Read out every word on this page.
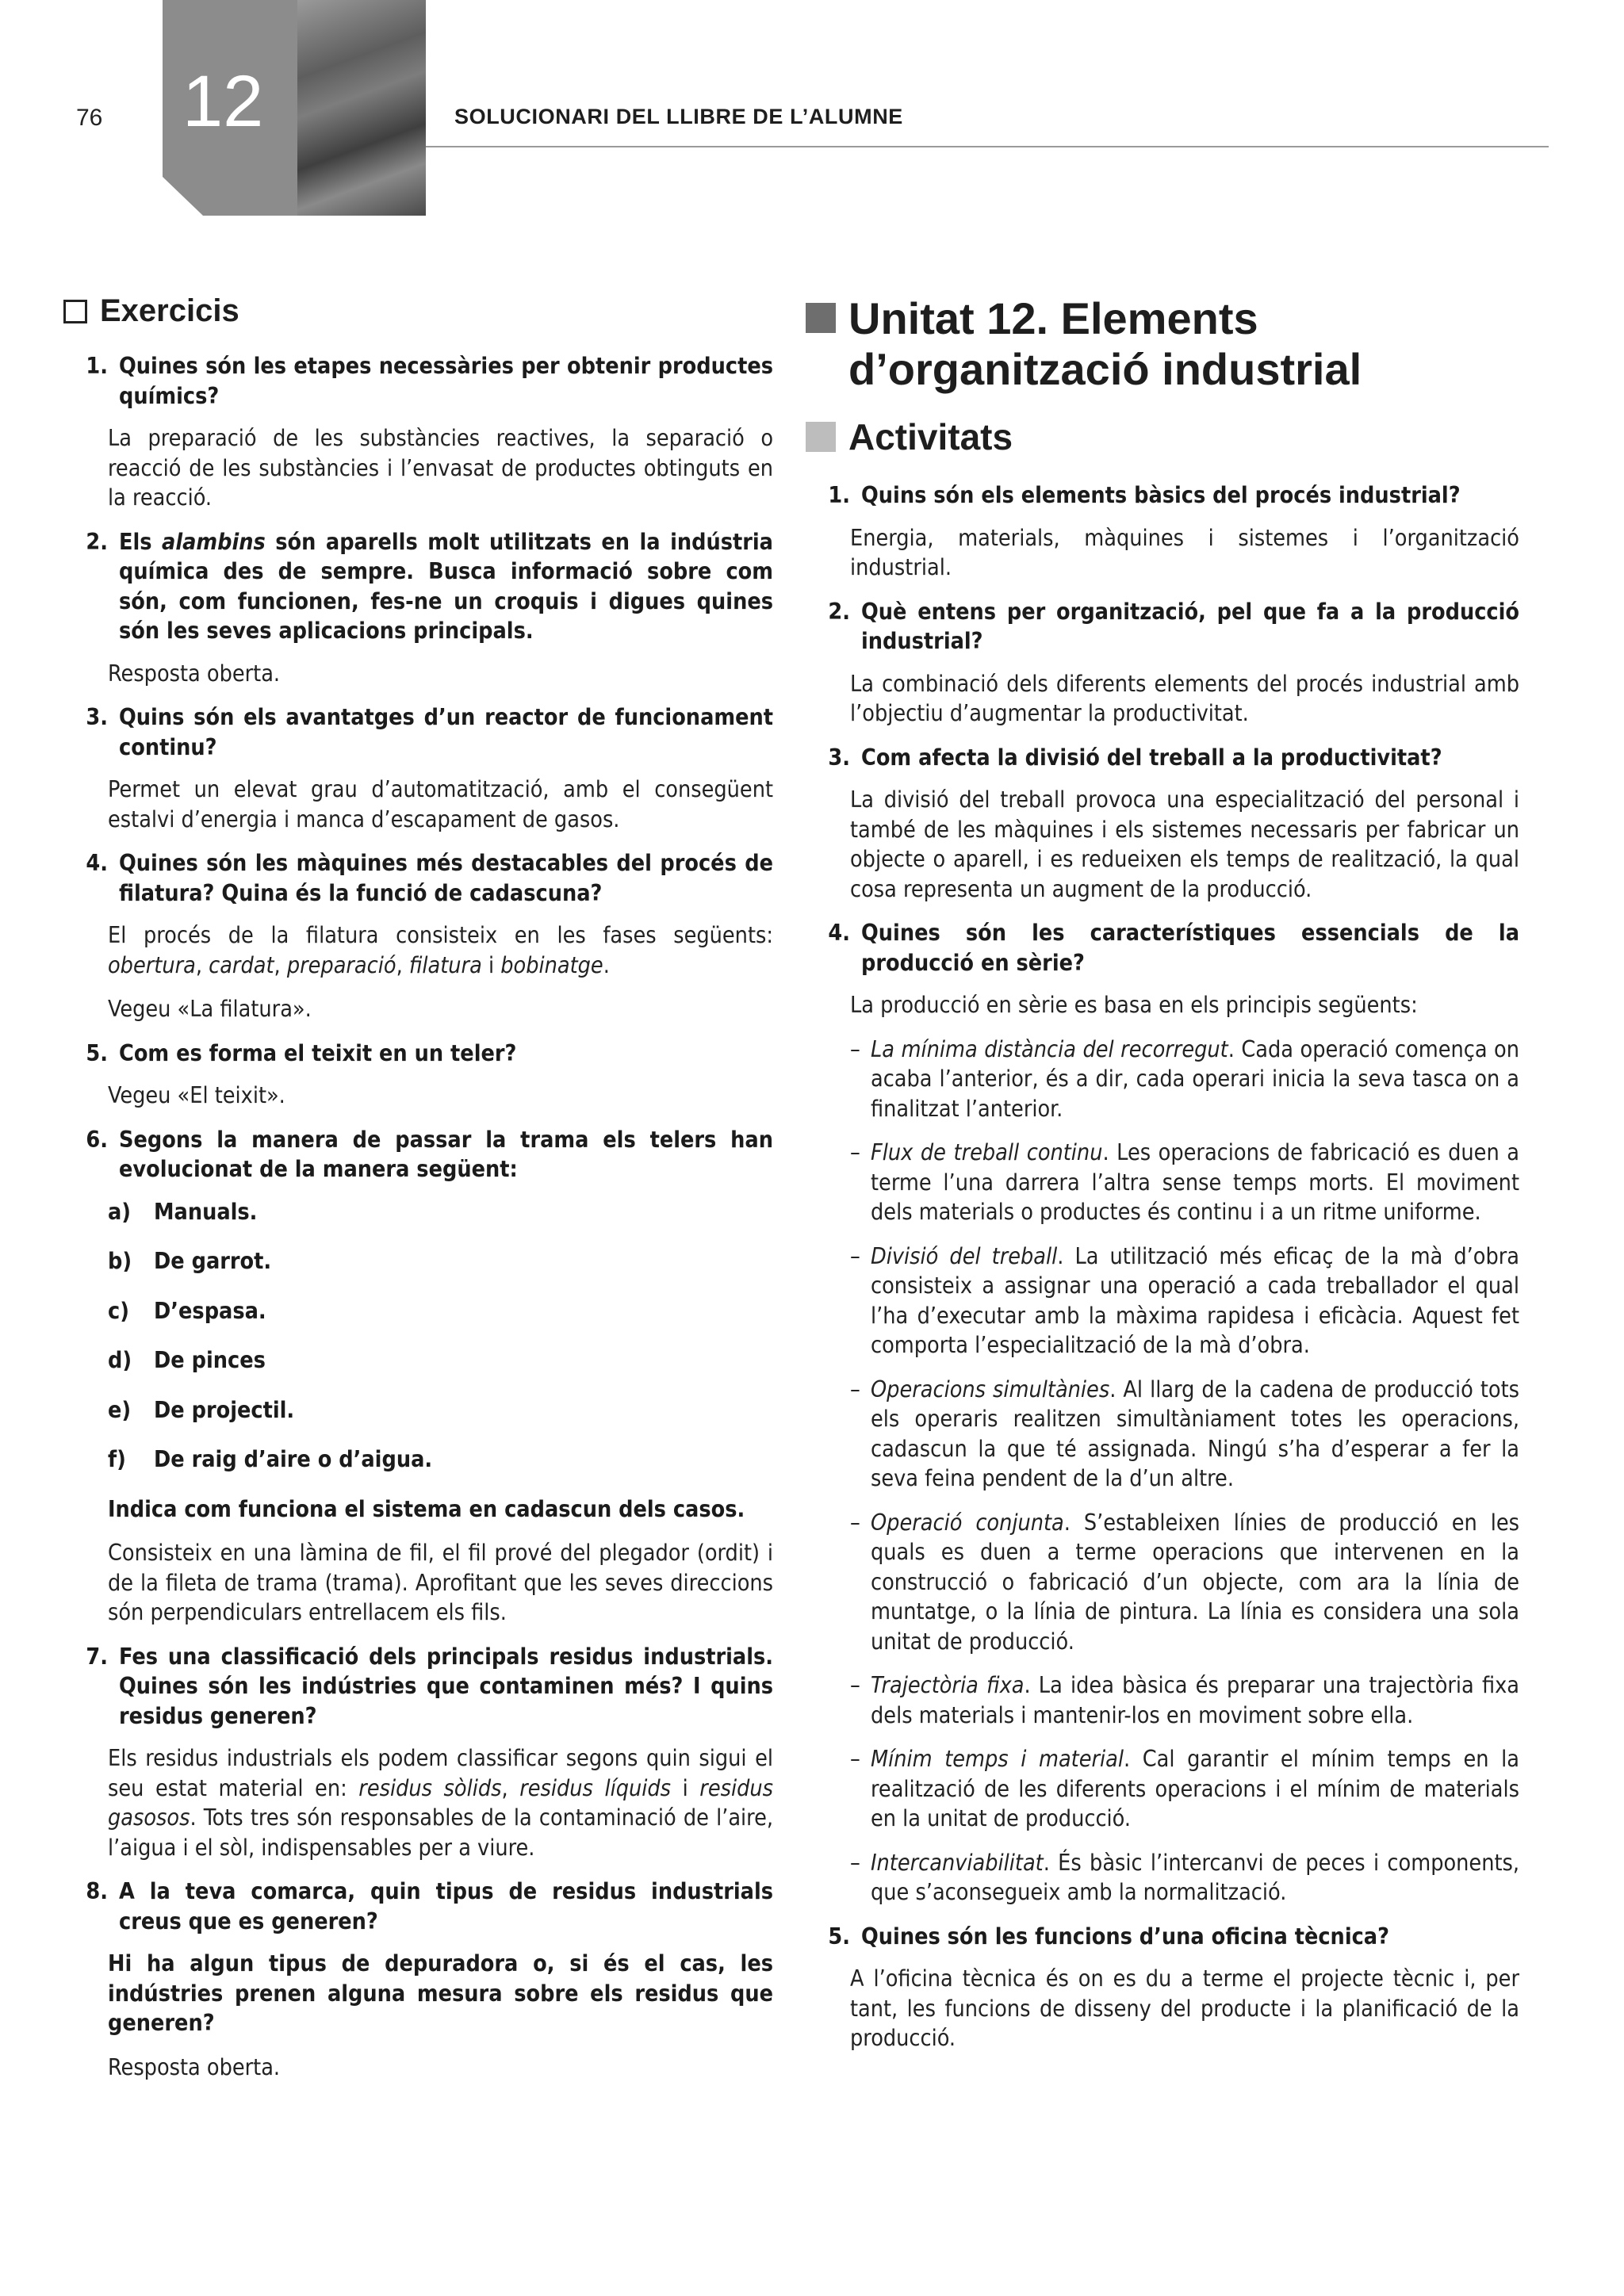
76 12	SOLUCIONARI DEL LLIBRE DE L’ALUMNE
Exercicis
1. Quines són les etapes necessàries per obtenir productes químics?

La preparació de les substàncies reactives, la separació o reacció de les substàncies i l’envasat de productes obtinguts en la reacció.

2. Els alambins són aparells molt utilitzats en la indústria química des de sempre. Busca informació sobre com són, com funcionen, fes-ne un croquis i digues quines són les seves aplicacions principals.

Resposta oberta.

3. Quins són els avantatges d’un reactor de funcionament continu?

Permet un elevat grau d’automatització, amb el consegüent estalvi d’energia i manca d’escapament de gasos.

4. Quines són les màquines més destacables del procés de filatura? Quina és la funció de cadascuna?

El procés de la filatura consisteix en les fases següents: obertura, cardat, preparació, filatura i bobinatge.

Vegeu «La filatura».

5. Com es forma el teixit en un teler?

Vegeu «El teixit».

6. Segons la manera de passar la trama els telers han evolucionat de la manera següent:
a)	Manuals.
b) De garrot.
c)	D’espasa.
d) De pinces
e)	De projectil.
f)	De raig d’aire o d’aigua.

Indica com funciona el sistema en cadascun dels casos.

Consisteix en una làmina de fil, el fil prové del plegador (ordit) i de la fileta de trama (trama). Aprofitant que les seves direccions són perpendiculars entrellacem els fils.

7. Fes una classificació dels principals residus industrials. Quines són les indústries que contaminen més? I quins residus generen?

Els residus industrials els podem classificar segons quin sigui el seu estat material en: residus sòlids, residus líquids i residus gasosos. Tots tres són responsables de la contaminació de l’aire, l’aigua i el sòl, indispensables per a viure.

8. A la teva comarca, quin tipus de residus industrials creus que es generen?

Hi ha algun tipus de depuradora o, si és el cas, les indústries prenen alguna mesura sobre els residus que generen?

Resposta oberta.

Unitat 12. Elements
d’organització industrial
Activitats
1. Quins són els elements bàsics del procés industrial?

Energia, materials, màquines i sistemes i l’organització industrial.

2. Què entens per organització, pel que fa a la producció industrial?

La combinació dels diferents elements del procés industrial amb l’objectiu d’augmentar la productivitat.

3. Com afecta la divisió del treball a la productivitat?

La divisió del treball provoca una especialització del personal i també de les màquines i els sistemes necessaris per fabricar un objecte o aparell, i es redueixen els temps de realització, la qual cosa representa un augment de la producció.

4. Quines són les característiques essencials de la producció en sèrie?

La producció en sèrie es basa en els principis següents:

– La mínima distància del recorregut. Cada operació comença on acaba l’anterior, és a dir, cada operari inicia la seva tasca on a finalitzat l’anterior.
– Flux de treball continu. Les operacions de fabricació es duen a terme l’una darrera l’altra sense temps morts. El moviment dels materials o productes és continu i a un ritme uniforme.
– Divisió del treball. La utilització més eficaç de la mà d’obra consisteix a assignar una operació a cada treballador el qual l’ha d’executar amb la màxima rapidesa i eficàcia. Aquest fet comporta l’especialització de la mà d’obra.
– Operacions simultànies. Al llarg de la cadena de producció tots els operaris realitzen simultàniament totes les operacions, cadascun la que té assignada. Ningú s’ha d’esperar a fer la seva feina pendent de la d’un altre.
– Operació conjunta. S’estableixen línies de producció en les quals es duen a terme operacions que intervenen en la construcció o fabricació d’un objecte, com ara la línia de muntatge, o la línia de pintura. La línia es considera una sola unitat de producció.
– Trajectòria fixa. La idea bàsica és preparar una trajectòria fixa dels materials i mantenir-los en moviment sobre ella.
– Mínim temps i material. Cal garantir el mínim temps en la realització de les diferents operacions i el mínim de materials en la unitat de producció.
– Intercanviabilitat. És bàsic l’intercanvi de peces i components, que s’aconsegueix amb la normalització.
5. Quines són les funcions d’una oficina tècnica?

A l’oficina tècnica és on es du a terme el projecte tècnic i, per tant, les funcions de disseny del producte i la planificació de la producció.
